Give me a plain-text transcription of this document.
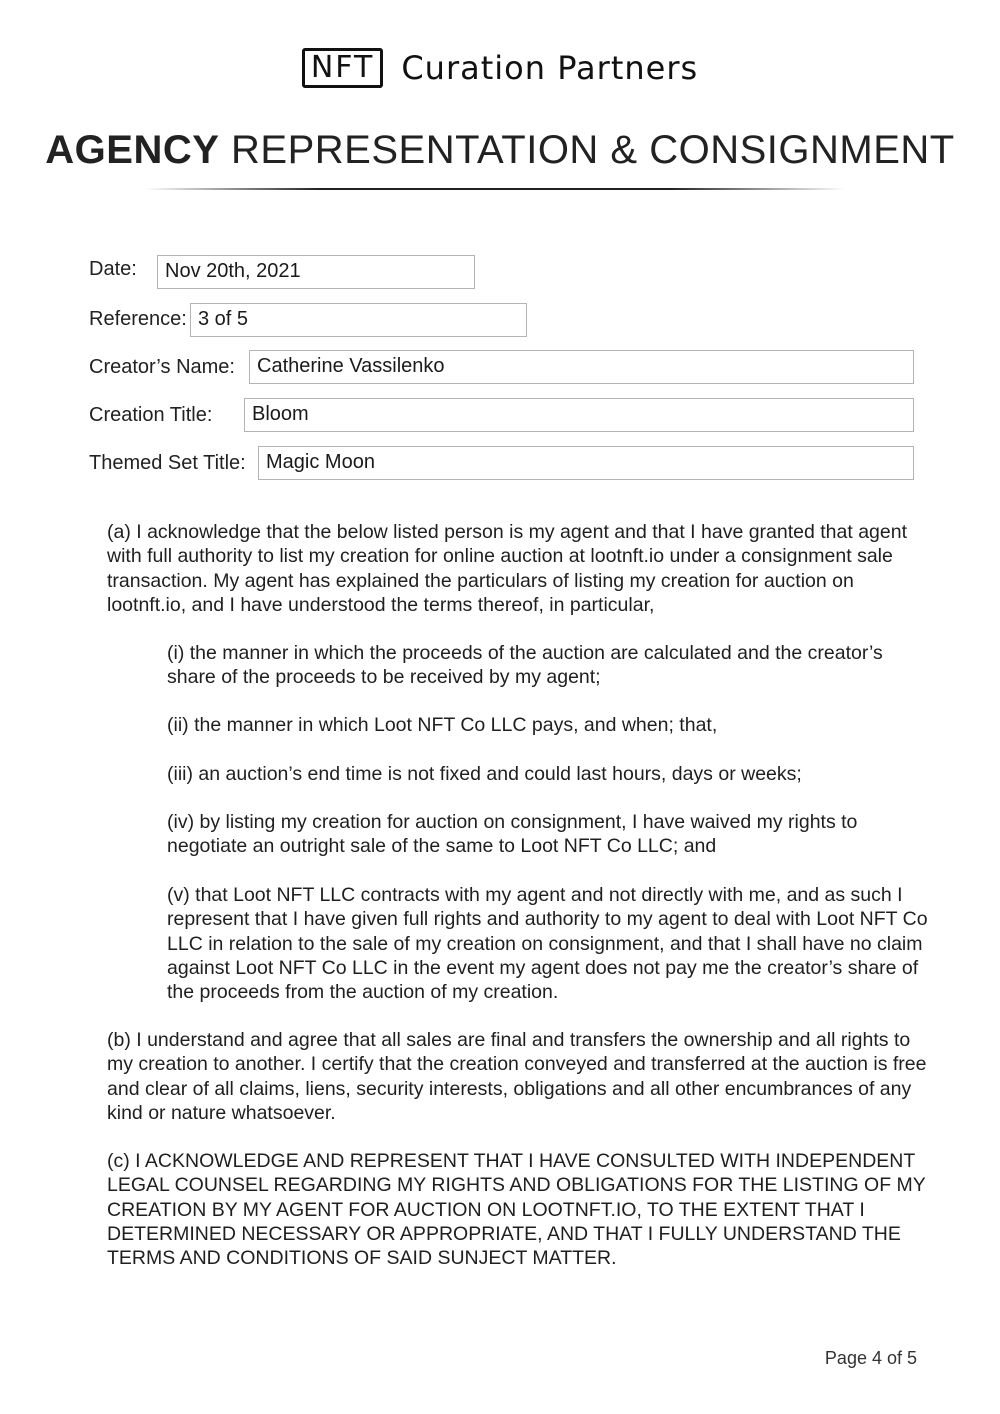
NFT Curation Partners
AGENCY REPRESENTATION & CONSIGNMENT
Date:	Nov 20th, 2021
Reference: 3 of 5
Creator’s Name:	Catherine Vassilenko
Creation Title:	Bloom
Themed Set Title:	Magic Moon

(a) I acknowledge that the below listed person is my agent and that I have granted that agent with full authority to list my creation for online auction at lootnft.io under a consignment sale transaction. My agent has explained the particulars of listing my creation for auction on lootnft.io, and I have understood the terms thereof, in particular,

(i) the manner in which the proceeds of the auction are calculated and the creator’s share of the proceeds to be received by my agent;

(ii) the manner in which Loot NFT Co LLC pays, and when; that,

(iii) an auction’s end time is not fixed and could last hours, days or weeks;

(iv) by listing my creation for auction on consignment, I have waived my rights to negotiate an outright sale of the same to Loot NFT Co LLC; and

(v) that Loot NFT LLC contracts with my agent and not directly with me, and as such I represent that I have given full rights and authority to my agent to deal with Loot NFT Co LLC in relation to the sale of my creation on consignment, and that I shall have no claim against Loot NFT Co LLC in the event my agent does not pay me the creator’s share of the proceeds from the auction of my creation.

(b) I understand and agree that all sales are final and transfers the ownership and all rights to my creation to another. I certify that the creation conveyed and transferred at the auction is free and clear of all claims, liens, security interests, obligations and all other encumbrances of any kind or nature whatsoever.

(c) I ACKNOWLEDGE AND REPRESENT THAT I HAVE CONSULTED WITH INDEPENDENT LEGAL COUNSEL REGARDING MY RIGHTS AND OBLIGATIONS FOR THE LISTING OF MY CREATION BY MY AGENT FOR AUCTION ON LOOTNFT.IO, TO THE EXTENT THAT I DETERMINED NECESSARY OR APPROPRIATE, AND THAT I FULLY UNDERSTAND THE TERMS AND CONDITIONS OF SAID SUNJECT MATTER.

Page 4 of 5
